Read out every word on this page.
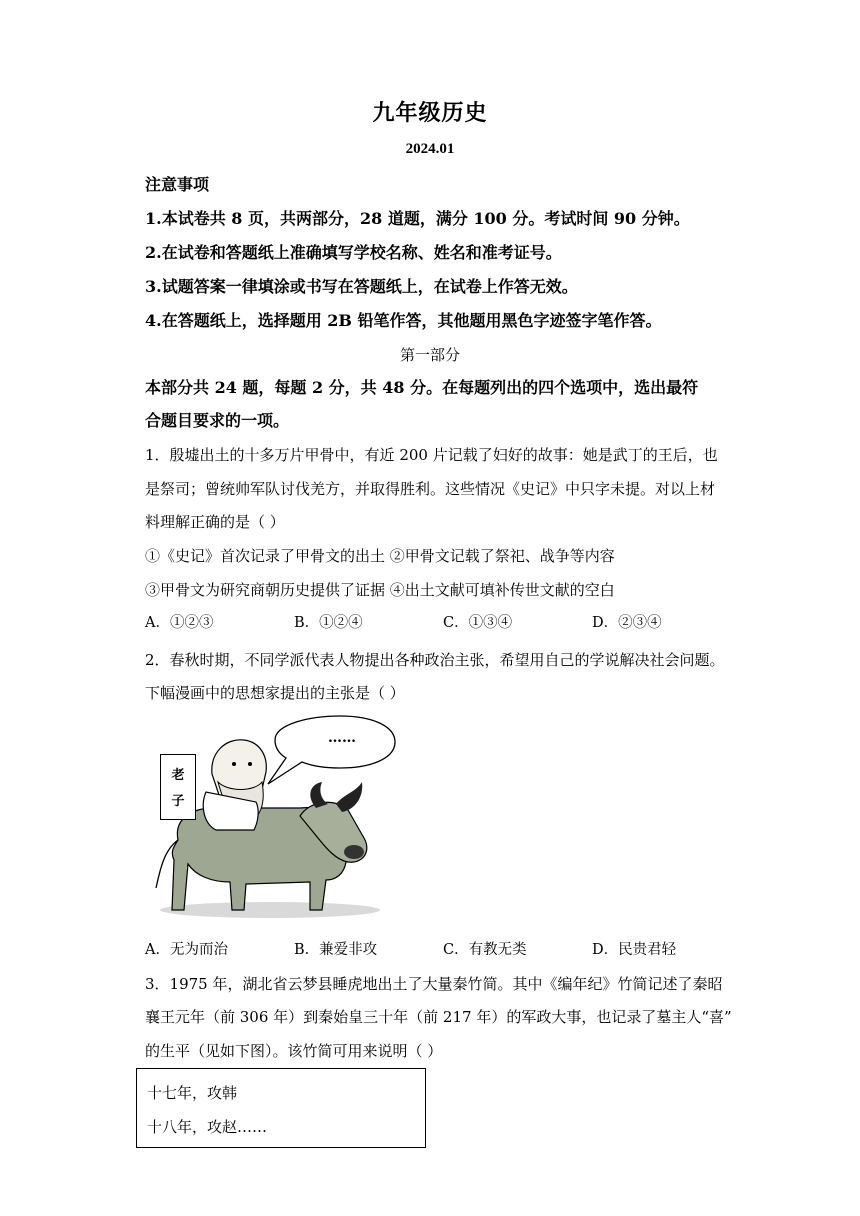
九年级历史
2024.01
注意事项
1.本试卷共 8 页，共两部分，28 道题，满分 100 分。考试时间 90 分钟。
2.在试卷和答题纸上准确填写学校名称、姓名和准考证号。
3.试题答案一律填涂或书写在答题纸上，在试卷上作答无效。
4.在答题纸上，选择题用 2B 铅笔作答，其他题用黑色字迹签字笔作答。
第一部分
本部分共 24 题，每题 2 分，共 48 分。在每题列出的四个选项中，选出最符
合题目要求的一项。
1．殷墟出土的十多万片甲骨中，有近 200 片记载了妇好的故事：她是武丁的王后，也
是祭司；曾统帅军队讨伐羌方，并取得胜利。这些情况《史记》中只字未提。对以上材
料理解正确的是（ ）
①《史记》首次记录了甲骨文的出土 ②甲骨文记载了祭祀、战争等内容
③甲骨文为研究商朝历史提供了证据 ④出土文献可填补传世文献的空白
A．①②③	B．①②④	C．①③④	D．②③④
2．春秋时期，不同学派代表人物提出各种政治主张，希望用自己的学说解决社会问题。
下幅漫画中的思想家提出的主张是（ ）
老
子
……
A．无为而治	B．兼爱非攻	C．有教无类	D．民贵君轻
3．1975 年，湖北省云梦县睡虎地出土了大量秦竹简。其中《编年纪》竹简记述了秦昭
襄王元年（前 306 年）到秦始皇三十年（前 217 年）的军政大事，也记录了墓主人“喜”
的生平（见如下图）。该竹简可用来说明（ ）
十七年，攻韩
十八年，攻赵……
